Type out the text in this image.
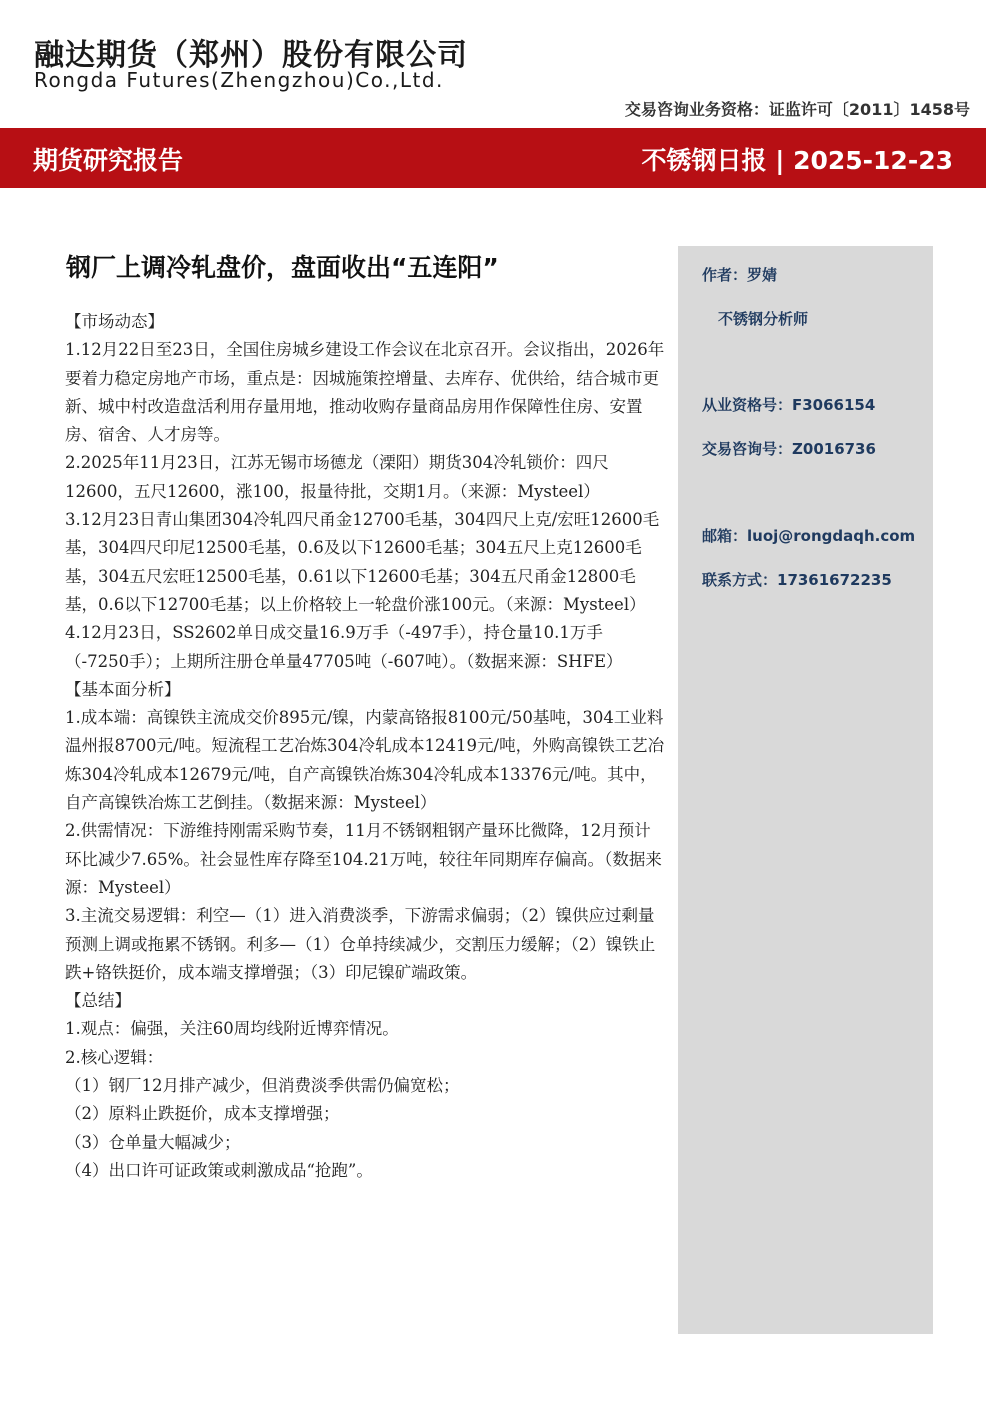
融达期货（郑州）股份有限公司
Rongda Futures(Zhengzhou)Co.,Ltd.
交易咨询业务资格：证监许可〔2011〕1458号
期货研究报告	不锈钢日报 | 2025-12-23
钢厂上调冷轧盘价，盘面收出“五连阳”

【市场动态】

1.12月22日至23日，全国住房城乡建设工作会议在北京召开。会议指出，2026年要着力稳定房地产市场，重点是：因城施策控增量、去库存、优供给，结合城市更新、城中村改造盘活利用存量用地，推动收购存量商品房用作保障性住房、安置房、宿舍、人才房等。

2.2025年11月23日，江苏无锡市场德龙（溧阳）期货304冷轧锁价：四尺12600，五尺12600，涨100，报量待批，交期1月。（来源：Mysteel）

3.12月23日青山集团304冷轧四尺甬金12700毛基，304四尺上克/宏旺12600毛基，304四尺印尼12500毛基，0.6及以下12600毛基；304五尺上克12600毛基，304五尺宏旺12500毛基，0.61以下12600毛基；304五尺甬金12800毛基，0.6以下12700毛基；以上价格较上一轮盘价涨100元。（来源：Mysteel）

4.12月23日，SS2602单日成交量16.9万手（-497手），持仓量10.1万手（-7250手）；上期所注册仓单量47705吨（-607吨）。（数据来源：SHFE）

【基本面分析】

1.成本端：高镍铁主流成交价895元/镍，内蒙高铬报8100元/50基吨，304工业料温州报8700元/吨。短流程工艺冶炼304冷轧成本12419元/吨，外购高镍铁工艺冶炼304冷轧成本12679元/吨，自产高镍铁冶炼304冷轧成本13376元/吨。其中，自产高镍铁冶炼工艺倒挂。（数据来源：Mysteel）

2.供需情况：下游维持刚需采购节奏，11月不锈钢粗钢产量环比微降，12月预计环比减少7.65%。社会显性库存降至104.21万吨，较往年同期库存偏高。（数据来源：Mysteel）

3.主流交易逻辑：利空—（1）进入消费淡季，下游需求偏弱；（2）镍供应过剩量预测上调或拖累不锈钢。利多—（1）仓单持续减少，交割压力缓解；（2）镍铁止跌+铬铁挺价，成本端支撑增强；（3）印尼镍矿端政策。

【总结】

1.观点：偏强，关注60周均线附近博弈情况。

2.核心逻辑：

（1）钢厂12月排产减少，但消费淡季供需仍偏宽松；

（2）原料止跌挺价，成本支撑增强；

（3）仓单量大幅减少；

（4）出口许可证政策或刺激成品“抢跑”。

作者：罗婧
不锈钢分析师
从业资格号：F3066154
交易咨询号：Z0016736
邮箱：luoj@rongdaqh.com
联系方式：17361672235
